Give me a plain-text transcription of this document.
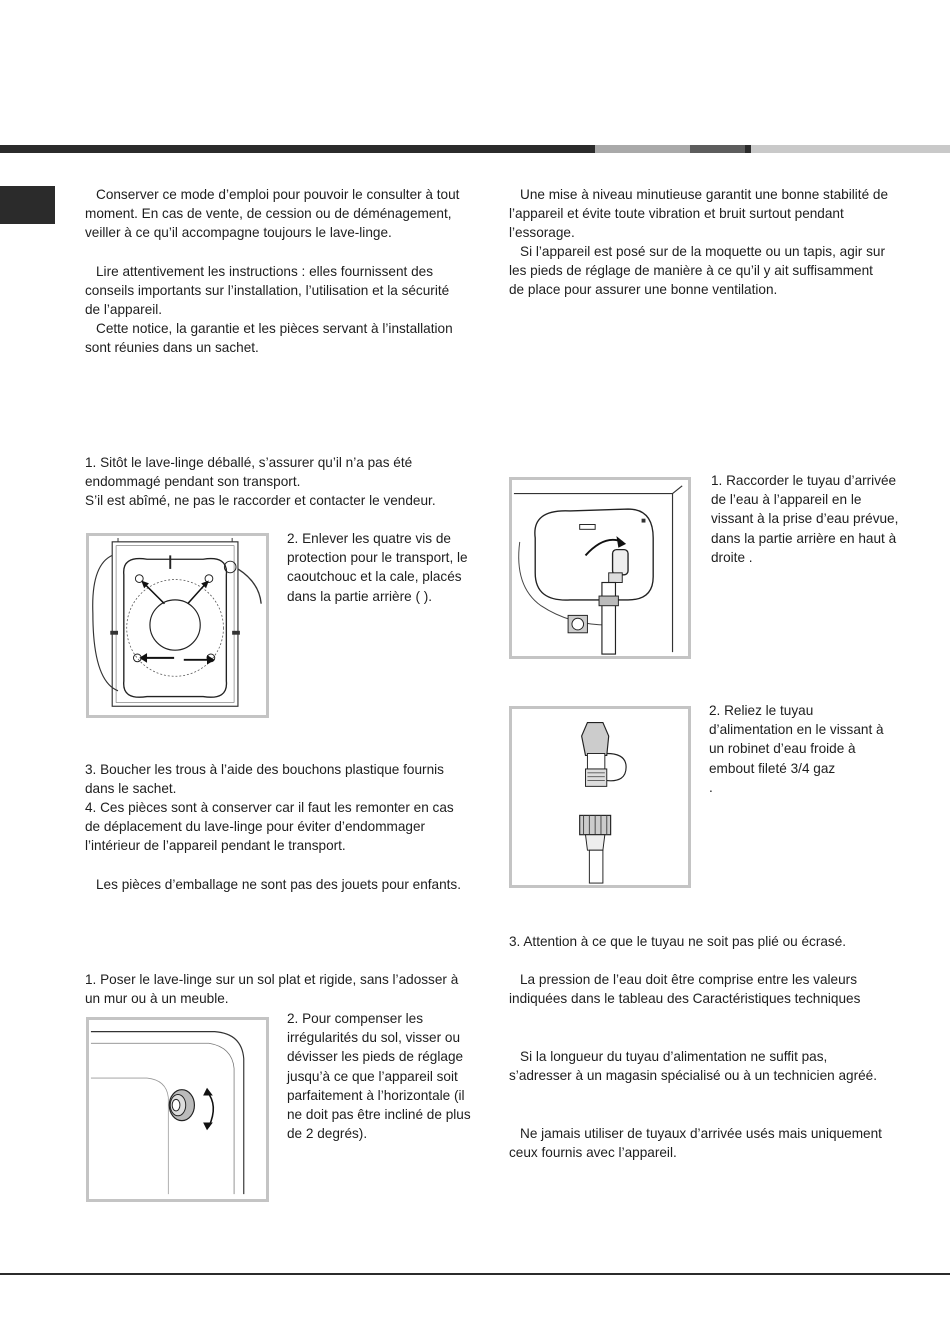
Conserver ce mode d’emploi pour pouvoir le consulter à tout moment. En cas de vente, de cession ou de déménagement, veiller à ce qu’il accompagne toujours le lave-linge.

Lire attentivement les instructions : elles fournissent des conseils importants sur l’installation, l’utilisation et la sécurité de l’appareil.

Cette notice, la garantie et les pièces servant à l’installation sont réunies dans un sachet.

1. Sitôt le lave-linge déballé, s’assurer qu’il n’a pas été endommagé pendant son transport.
S’il est abîmé, ne pas le raccorder et contacter le vendeur.

2. Enlever les quatre vis de protection pour le transport, le caoutchouc et la cale, placés dans la partie arrière ( ).

3. Boucher les trous à l’aide des bouchons plastique fournis dans le sachet.

4. Ces pièces sont à conserver car il faut les remonter en cas de déplacement du lave-linge pour éviter d’endommager l’intérieur de l’appareil pendant le transport.

Les pièces d’emballage ne sont pas des jouets pour enfants.

1. Poser le lave-linge sur un sol plat et rigide, sans l’adosser à un mur ou à un meuble.

2. Pour compenser les irrégularités du sol, visser ou dévisser les pieds de réglage jusqu’à ce que l’appareil soit parfaitement à l’horizontale (il ne doit pas être incliné de plus de 2 degrés).

Une mise à niveau minutieuse garantit une bonne stabilité de l’appareil et évite toute vibration et bruit surtout pendant l’essorage.

Si l’appareil est posé sur de la moquette ou un tapis, agir sur les pieds de réglage de manière à ce qu’il y ait suffisamment de place pour assurer une bonne ventilation.

1. Raccorder le tuyau d’arrivée de l’eau à l’appareil en le vissant à la prise d’eau prévue, dans la partie arrière en haut à droite .

2. Reliez le tuyau d’alimentation en le vissant à un robinet d’eau froide à embout fileté 3/4 gaz
.

3. Attention à ce que le tuyau ne soit pas plié ou écrasé.

La pression de l’eau doit être comprise entre les valeurs indiquées dans le tableau des Caractéristiques techniques

Si la longueur du tuyau d’alimentation ne suffit pas, s’adresser à un magasin spécialisé ou à un technicien agréé.

Ne jamais utiliser de tuyaux d’arrivée usés mais uniquement ceux fournis avec l’appareil.
